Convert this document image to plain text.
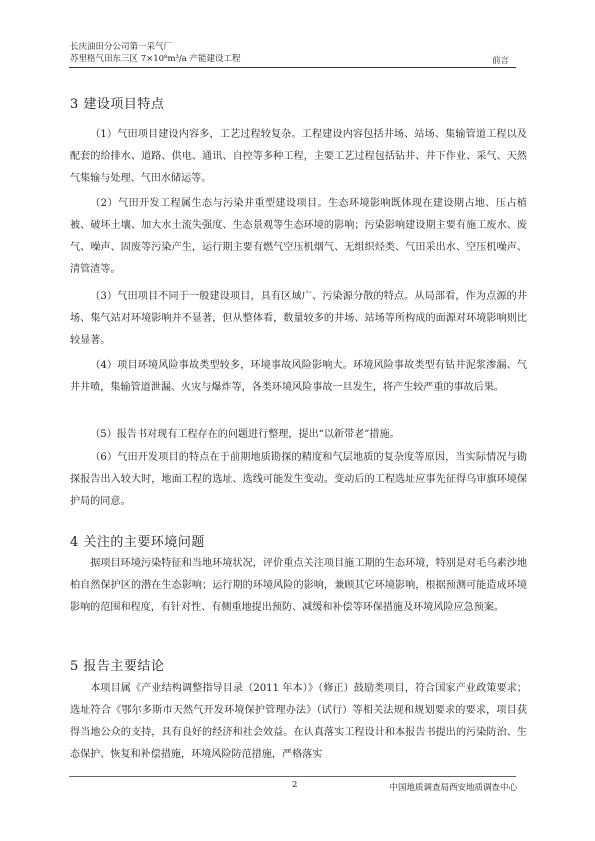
长庆油田分公司第一采气厂
苏里格气田东三区 7×10⁸m³/a 产能建设工程	前言
3 建设项目特点

（1）气田项目建设内容多，工艺过程较复杂。工程建设内容包括井场、站场、集输管道工程以及配套的给排水、道路、供电、通讯、自控等多种工程，主要工艺过程包括钻井、井下作业、采气、天然气集输与处理、气田水储运等。

（2）气田开发工程属生态与污染并重型建设项目。生态环境影响既体现在建设期占地、压占植被、破坏土壤、加大水土流失强度、生态景观等生态环境的影响；污染影响建设期主要有施工废水、废气、噪声、固废等污染产生，运行期主要有燃气空压机烟气、无组织烃类、气田采出水、空压机噪声、清管渣等。

（3）气田项目不同于一般建设项目，具有区域广、污染源分散的特点。从局部看，作为点源的井场、集气站对环境影响并不显著，但从整体看，数量较多的井场、站场等所构成的面源对环境影响则比较显著。

（4）项目环境风险事故类型较多，环境事故风险影响大。环境风险事故类型有钻井泥浆渗漏、气井井喷，集输管道泄漏、火灾与爆炸等，各类环境风险事故一旦发生，将产生较严重的事故后果。

（5）报告书对现有工程存在的问题进行整理，提出“以新带老”措施。

（6）气田开发项目的特点在于前期地质勘探的精度和气层地质的复杂度等原因，当实际情况与勘探报告出入较大时，地面工程的选址、选线可能发生变动。变动后的工程选址应事先征得乌审旗环境保护局的同意。

4 关注的主要环境问题

据项目环境污染特征和当地环境状况，评价重点关注项目施工期的生态环境，特别是对毛乌素沙地柏自然保护区的潜在生态影响；运行期的环境风险的影响，兼顾其它环境影响，根据预测可能造成环境影响的范围和程度，有针对性、有侧重地提出预防、减缓和补偿等环保措施及环境风险应急预案。

5 报告主要结论

本项目属《产业结构调整指导目录（2011 年本）》（修正）鼓励类项目，符合国家产业政策要求；选址符合《鄂尔多斯市天然气开发环境保护管理办法》（试行）等相关法规和规划要求的要求，项目获得当地公众的支持，具有良好的经济和社会效益。在认真落实工程设计和本报告书提出的污染防治、生态保护、恢复和补偿措施，环境风险防范措施，严格落实

2	中国地质调查局西安地质调查中心
